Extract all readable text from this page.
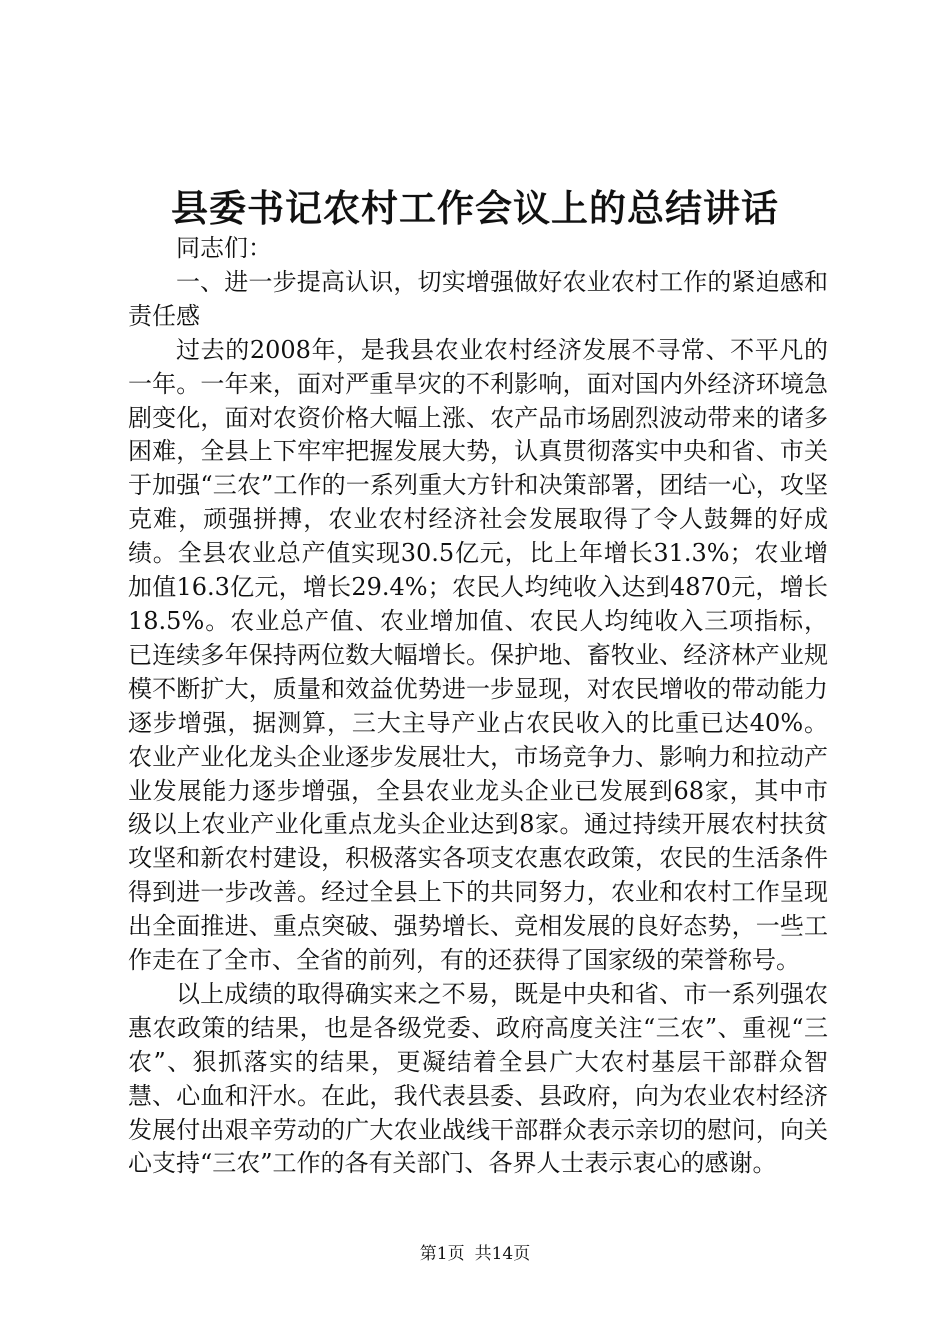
县委书记农村工作会议上的总结讲话

同志们：

一、进一步提高认识，切实增强做好农业农村工作的紧迫感和责任感

过去的2008年，是我县农业农村经济发展不寻常、不平凡的一年。一年来，面对严重旱灾的不利影响，面对国内外经济环境急剧变化，面对农资价格大幅上涨、农产品市场剧烈波动带来的诸多困难，全县上下牢牢把握发展大势，认真贯彻落实中央和省、市关于加强“三农”工作的一系列重大方针和决策部署，团结一心，攻坚克难，顽强拼搏，农业农村经济社会发展取得了令人鼓舞的好成绩。全县农业总产值实现30.5亿元，比上年增长31.3%；农业增加值16.3亿元，增长29.4%；农民人均纯收入达到4870元，增长18.5%。农业总产值、农业增加值、农民人均纯收入三项指标，已连续多年保持两位数大幅增长。保护地、畜牧业、经济林产业规模不断扩大，质量和效益优势进一步显现，对农民增收的带动能力逐步增强，据测算，三大主导产业占农民收入的比重已达40%。农业产业化龙头企业逐步发展壮大，市场竞争力、影响力和拉动产业发展能力逐步增强，全县农业龙头企业已发展到68家，其中市级以上农业产业化重点龙头企业达到8家。通过持续开展农村扶贫攻坚和新农村建设，积极落实各项支农惠农政策，农民的生活条件得到进一步改善。经过全县上下的共同努力，农业和农村工作呈现出全面推进、重点突破、强势增长、竞相发展的良好态势，一些工作走在了全市、全省的前列，有的还获得了国家级的荣誉称号。

以上成绩的取得确实来之不易，既是中央和省、市一系列强农惠农政策的结果，也是各级党委、政府高度关注“三农”、重视“三农”、狠抓落实的结果，更凝结着全县广大农村基层干部群众智慧、心血和汗水。在此，我代表县委、县政府，向为农业农村经济发展付出艰辛劳动的广大农业战线干部群众表示亲切的慰问，向关心支持“三农”工作的各有关部门、各界人士表示衷心的感谢。

第1页 共14页
